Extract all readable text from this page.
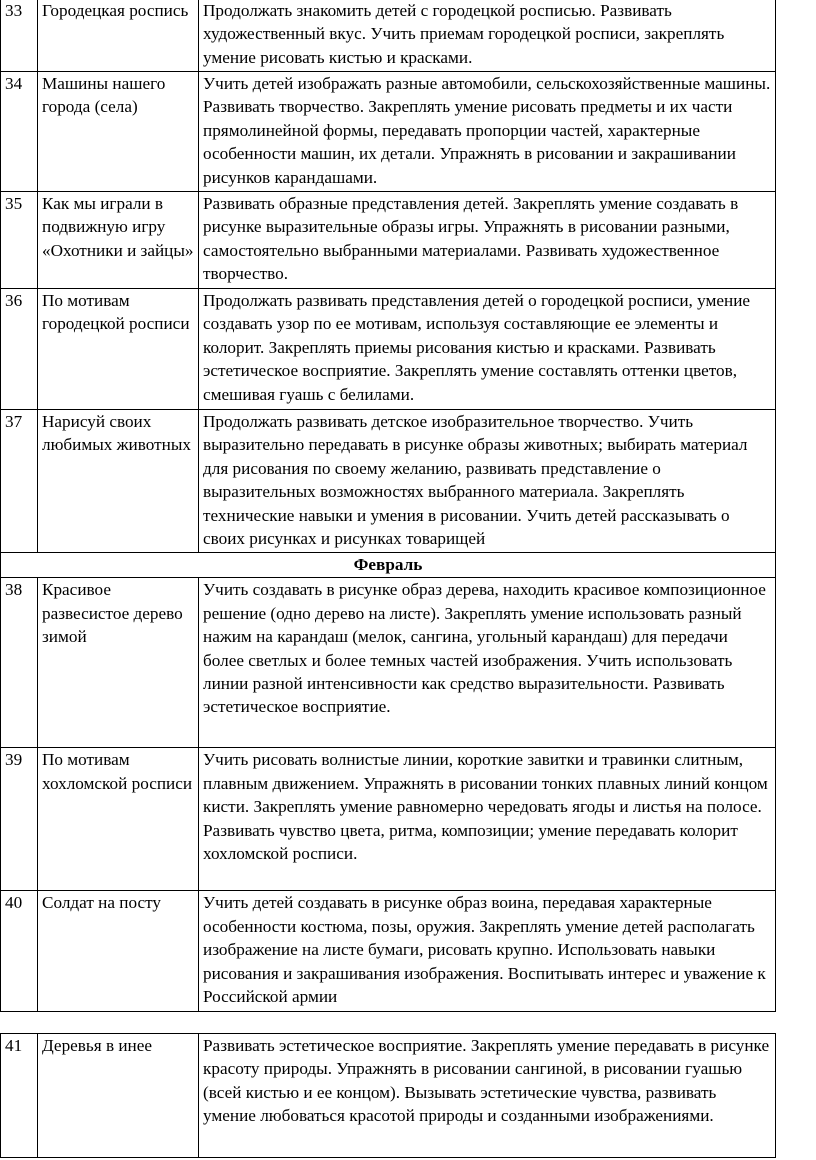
33	Городецкая роспись	Продолжать знакомить детей с городецкой росписью. Развивать художественный вкус. Учить приемам городецкой росписи, закреплять умение рисовать кистью и красками.
34	Машины нашего города (села)	Учить детей изображать разные автомобили, сельскохозяйственные машины. Развивать творчество. Закреплять умение рисовать предметы и их части прямолинейной формы, передавать пропорции частей, характерные особенности машин, их детали. Упражнять в рисовании и закрашивании рисунков карандашами.
35	Как мы играли в подвижную игру «Охотники и зайцы»	Развивать образные представления детей. Закреплять умение создавать в рисунке выразительные образы игры. Упражнять в рисовании разными, самостоятельно выбранными материалами. Развивать художественное творчество.
36	По мотивам городецкой росписи	Продолжать развивать представления детей о городецкой росписи, умение создавать узор по ее мотивам, используя составляющие ее элементы и колорит. Закреплять приемы рисования кистью и красками. Развивать эстетическое восприятие. Закреплять умение составлять оттенки цветов, смешивая гуашь с белилами.
37	Нарисуй своих любимых животных	Продолжать развивать детское изобразительное творчество. Учить выразительно передавать в рисунке образы животных; выбирать материал для рисования по своему желанию, развивать представление о выразительных возможностях выбранного материала. Закреплять технические навыки и умения в рисовании. Учить детей рассказывать о своих рисунках и рисунках товарищей
Февраль		
38	Красивое развесистое дерево зимой	Учить создавать в рисунке образ дерева, находить красивое композиционное решение (одно дерево на листе). Закреплять умение использовать разный нажим на карандаш (мелок, сангина, угольный карандаш) для передачи более светлых и более темных частей изображения. Учить использовать линии разной интенсивности как средство выразительности. Развивать эстетическое восприятие.
39	По мотивам хохломской росписи	Учить рисовать волнистые линии, короткие завитки и травинки слитным, плавным движением. Упражнять в рисовании тонких плавных линий концом кисти. Закреплять умение равномерно чередовать ягоды и листья на полосе. Развивать чувство цвета, ритма, композиции; умение передавать колорит хохломской росписи.
40	Солдат на посту	Учить детей создавать в рисунке образ воина, передавая характерные особенности костюма, позы, оружия. Закреплять умение детей располагать изображение на листе бумаги, рисовать крупно. Использовать навыки рисования и закрашивания изображения. Воспитывать интерес и уважение к Российской армии
41	Деревья в инее	Развивать эстетическое восприятие. Закреплять умение передавать в рисунке красоту природы. Упражнять в рисовании сангиной, в рисовании гуашью (всей кистью и ее концом). Вызывать эстетические чувства, развивать умение любоваться красотой природы и созданными изображениями.
